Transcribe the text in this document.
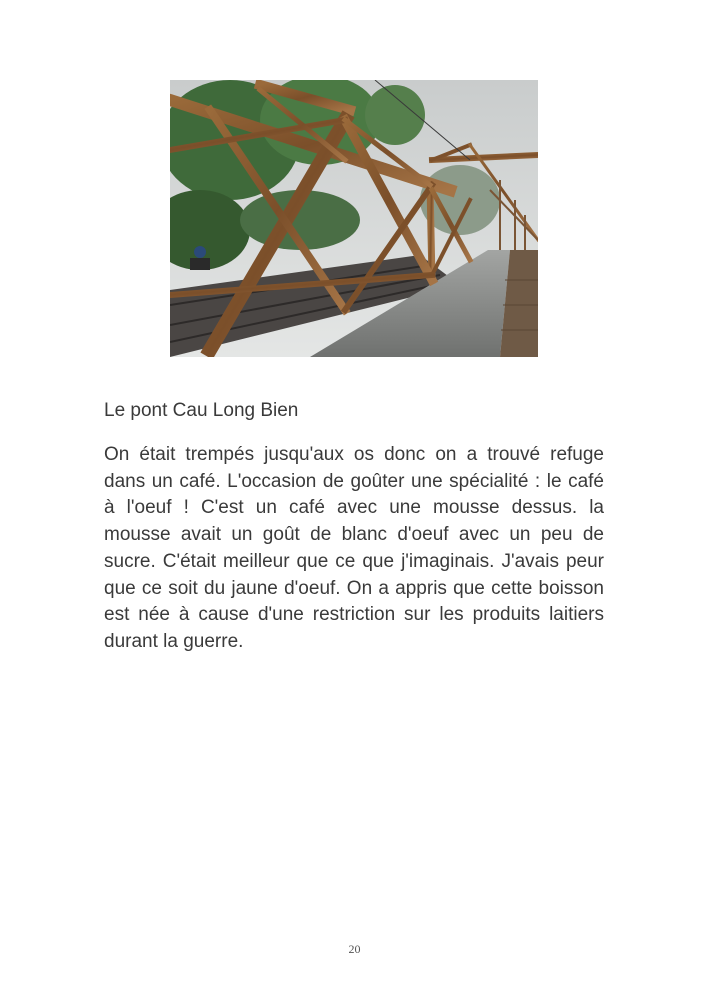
Le pont Cau Long Bien

On était trempés jusqu'aux os donc on a trouvé refuge dans un café. L'occasion de goûter une spécialité : le café à l'oeuf ! C'est un café avec une mousse dessus. la mousse avait un goût de blanc d'oeuf avec un peu de sucre. C'était meilleur que ce que j'imaginais. J'avais peur que ce soit du jaune d'oeuf. On a appris que cette boisson est née à cause d'une restriction sur les produits laitiers durant la guerre.

20
